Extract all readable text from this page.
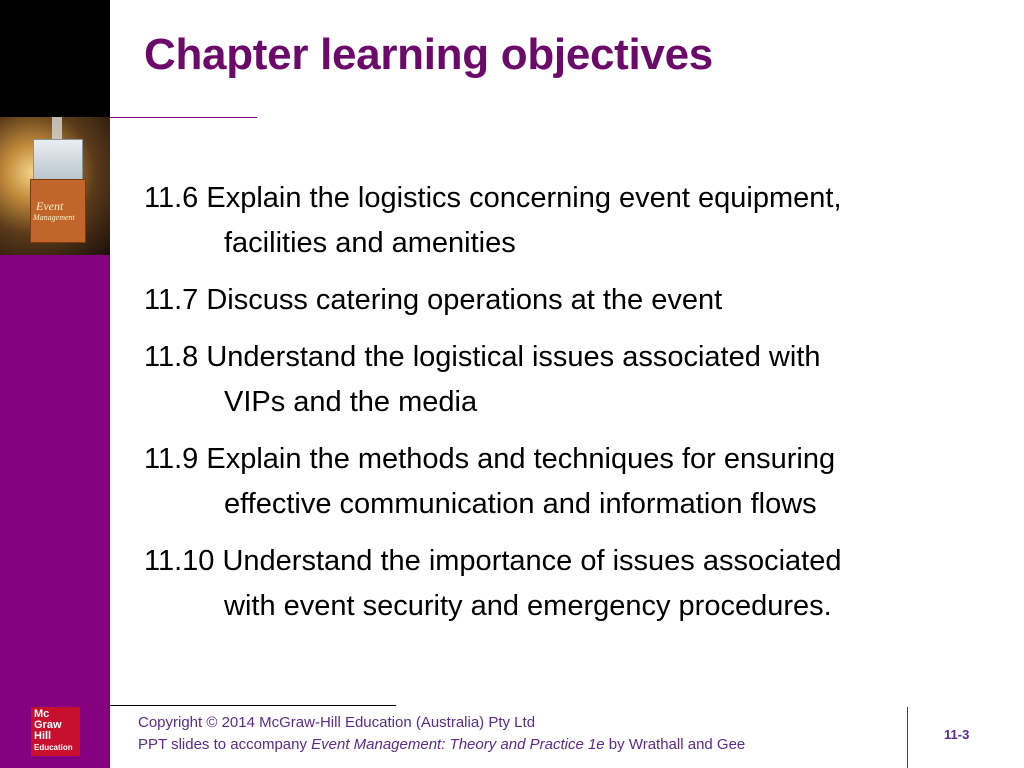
Event
Management
Chapter learning objectives
11.6 Explain the logistics concerning event equipment,
facilities and amenities
11.7 Discuss catering operations at the event
11.8 Understand the logistical issues associated with
VIPs and the media
11.9 Explain the methods and techniques for ensuring
effective communication and information flows
11.10 Understand the importance of issues associated
with event security and emergency procedures.
Mc
Graw
Hill
Education
Copyright © 2014 McGraw-Hill Education (Australia) Pty Ltd
PPT slides to accompany Event Management: Theory and Practice 1e by Wrathall and Gee
11-3
